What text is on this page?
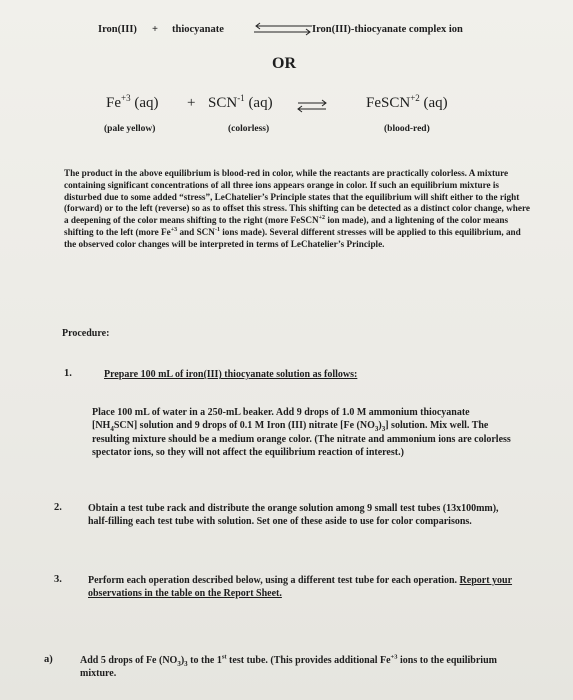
Iron(III) + thiocyanate	Iron(III)-thiocyanate complex ion
OR
$Fe^{+3}$ $(aq) + SCN^{-1}$ (aq) ⇌	FeSCN$^{+2}$ (aq)
(pale yellow)	(colorless)	(blood-red)
The product in the above equilibrium is blood-red in color, while the reactants are practically colorless. A mixture containing significant concentrations of all three ions appears orange in color. If such an equilibrium mixture is disturbed due to some added “stress”, LeChatelier’s Principle states that the equilibrium will shift either to the right (forward) or to the left (reverse) so as to offset this stress. This shifting can be detected as a distinct color change, where a deepening of the color means shifting to the right (more FeSCN$^{+2}$ ion made), and a lightening of the color means shifting to the left (more $Fe^{+3}$ and $SCN^{-1}$ ions made). Several different stresses will be applied to this equilibrium, and the observed color changes will be interpreted in terms of LeChatelier’s Principle.
Procedure:
1.	Prepare 100 mL of iron(III) thiocyanate solution as follows:
Place 100 mL of water in a 250-mL beaker. Add 9 drops of 1.0 M ammonium thiocyanate $[NH_4SCN]$ solution and 9 drops of 0.1 M Iron (III) nitrate [Fe $(NO_3)_3$] solution. Mix well. The resulting mixture should be a medium orange color. (The nitrate and ammonium ions are colorless spectator ions, so they will not affect the equilibrium reaction of interest.)
2.	Obtain a test tube rack and distribute the orange solution among 9 small test tubes (13x100mm), half-filling each test tube with solution. Set one of these aside to use for color comparisons.
3.	Perform each operation described below, using a different test tube for each operation. Report your observations in the table on the Report Sheet.
a)	Add 5 drops of Fe $(NO_3)_3$ to the 1st test tube. (This provides additional $Fe^{+3}$ ions to the equilibrium mixture.
